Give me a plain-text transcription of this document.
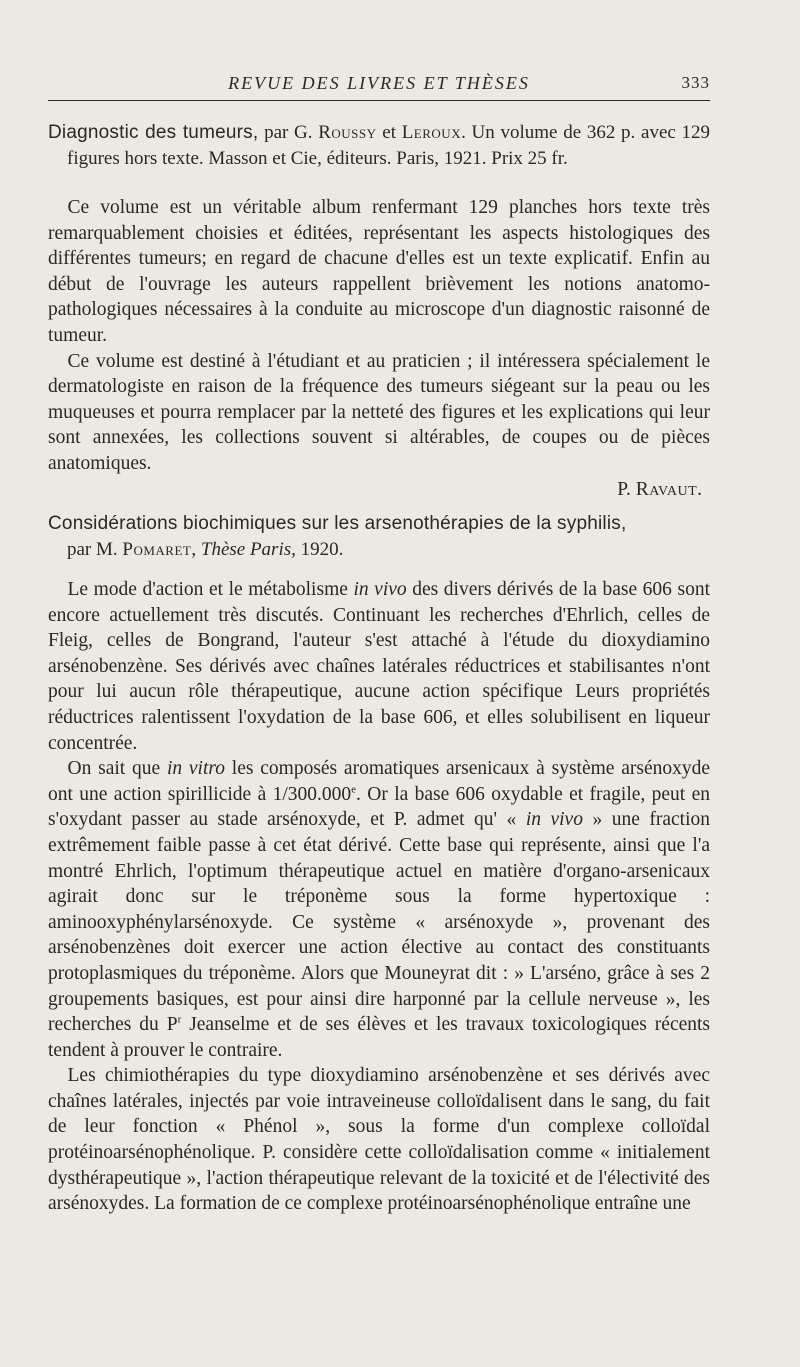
REVUE DES LIVRES ET THÈSES	333

Diagnostic des tumeurs, par G. Roussy et Leroux. Un volume de 362 p. avec 129 figures hors texte. Masson et Cie, éditeurs. Paris, 1921. Prix 25 fr.

Ce volume est un véritable album renfermant 129 planches hors texte très remarquablement choisies et éditées, représentant les aspects histologiques des différentes tumeurs; en regard de chacune d'elles est un texte explicatif. Enfin au début de l'ouvrage les auteurs rappellent brièvement les notions anatomo-pathologiques nécessaires à la conduite au microscope d'un diagnostic raisonné de tumeur.

Ce volume est destiné à l'étudiant et au praticien ; il intéressera spécialement le dermatologiste en raison de la fréquence des tumeurs siégeant sur la peau ou les muqueuses et pourra remplacer par la netteté des figures et les explications qui leur sont annexées, les collections souvent si altérables, de coupes ou de pièces anatomiques.

P. Ravaut.

Considérations biochimiques sur les arsenothérapies de la syphilis,
par M. Pomaret, Thèse Paris, 1920.

Le mode d'action et le métabolisme in vivo des divers dérivés de la base 606 sont encore actuellement très discutés. Continuant les recherches d'Ehrlich, celles de Fleig, celles de Bongrand, l'auteur s'est attaché à l'étude du dioxydiamino arsénobenzène. Ses dérivés avec chaînes latérales réductrices et stabilisantes n'ont pour lui aucun rôle thérapeutique, aucune action spécifique Leurs propriétés réductrices ralentissent l'oxydation de la base 606, et elles solubilisent en liqueur concentrée.

On sait que in vitro les composés aromatiques arsenicaux à système arsénoxyde ont une action spirillicide à 1/300.000e. Or la base 606 oxydable et fragile, peut en s'oxydant passer au stade arsénoxyde, et P. admet qu' « in vivo » une fraction extrêmement faible passe à cet état dérivé. Cette base qui représente, ainsi que l'a montré Ehrlich, l'optimum thérapeutique actuel en matière d'organo-arsenicaux agirait donc sur le tréponème sous la forme hypertoxique : aminooxyphénylarsénoxyde. Ce système « arsénoxyde », provenant des arsénobenzènes doit exercer une action élective au contact des constituants protoplasmiques du tréponème. Alors que Mouneyrat dit : » L'arséno, grâce à ses 2 groupements basiques, est pour ainsi dire harponné par la cellule nerveuse », les recherches du $P^r$ Jeanselme et de ses élèves et les travaux toxicologiques récents tendent à prouver le contraire.

Les chimiothérapies du type dioxydiamino arsénobenzène et ses dérivés avec chaînes latérales, injectés par voie intraveineuse colloïdalisent dans le sang, du fait de leur fonction « Phénol », sous la forme d'un complexe colloïdal protéinoarsénophénolique. P. considère cette colloïdalisation comme « initialement dysthérapeutique », l'action thérapeutique relevant de la toxicité et de l'électivité des arsénoxydes. La formation de ce complexe protéinoarsénophénolique entraîne une
